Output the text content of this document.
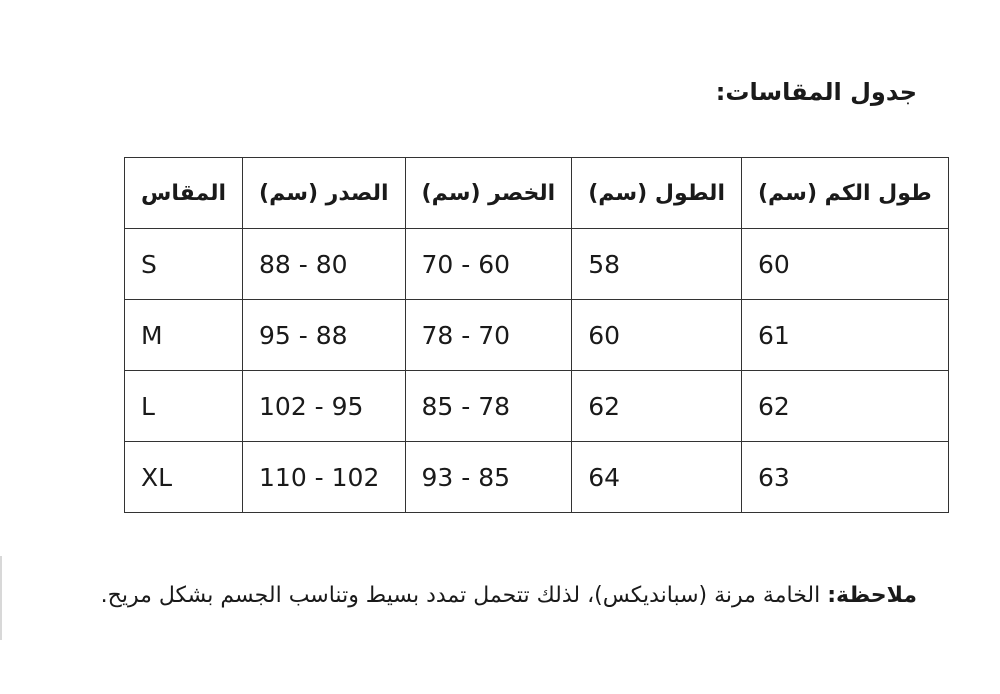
جدول المقاسات:
طول الكم (سم)	الطول (سم)	الخصر (سم)	الصدر (سم)	المقاس
60	58	70 - 60	88 - 80	S
61	60	78 - 70	95 - 88	M
62	62	85 - 78	102 - 95	L
63	64	93 - 85	110 - 102	XL
ملاحظة: الخامة مرنة (سباندیكس)، لذلك تتحمل تمدد بسيط وتناسب الجسم بشكل مريح.
